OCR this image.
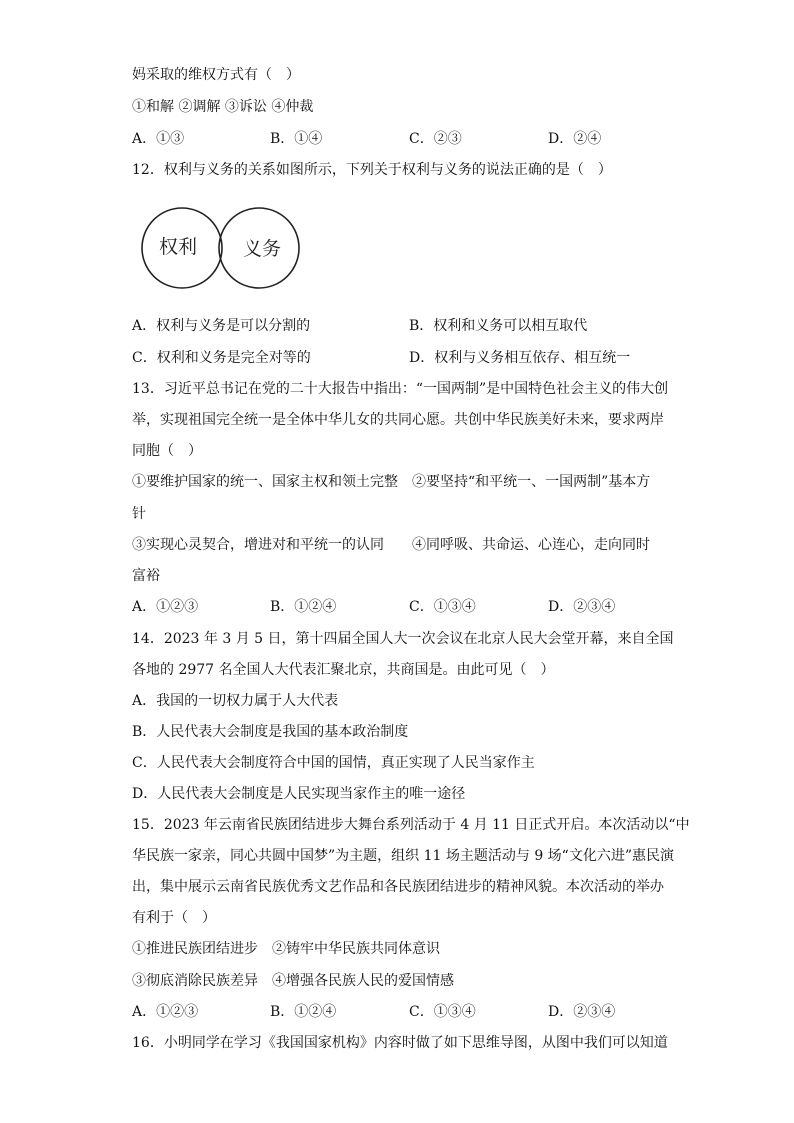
妈采取的维权方式有（　）
①和解 ②调解 ③诉讼 ④仲裁
A．①③	B．①④	C．②③	D．②④
12．权利与义务的关系如图所示，下列关于权利与义务的说法正确的是（　）
权利 义务
A．权利与义务是可以分割的	B．权利和义务可以相互取代
C．权利和义务是完全对等的	D．权利与义务相互依存、相互统一
13．习近平总书记在党的二十大报告中指出：“一国两制”是中国特色社会主义的伟大创
举，实现祖国完全统一是全体中华儿女的共同心愿。共创中华民族美好未来，要求两岸
同胞（　）
①要维护国家的统一、国家主权和领土完整　②要坚持“和平统一、一国两制”基本方
针
③实现心灵契合，增进对和平统一的认同　　④同呼吸、共命运、心连心，走向同时
富裕
A．①②③	B．①②④	C．①③④	D．②③④
14．2023 年 3 月 5 日，第十四届全国人大一次会议在北京人民大会堂开幕，来自全国
各地的 2977 名全国人大代表汇聚北京，共商国是。由此可见（　）
A．我国的一切权力属于人大代表
B．人民代表大会制度是我国的基本政治制度
C．人民代表大会制度符合中国的国情，真正实现了人民当家作主
D．人民代表大会制度是人民实现当家作主的唯一途径
15．2023 年云南省民族团结进步大舞台系列活动于 4 月 11 日正式开启。本次活动以“中
华民族一家亲，同心共圆中国梦”为主题，组织 11 场主题活动与 9 场“文化六进”惠民演
出，集中展示云南省民族优秀文艺作品和各民族团结进步的精神风貌。本次活动的举办
有利于（　）
①推进民族团结进步　②铸牢中华民族共同体意识
③彻底消除民族差异　④增强各民族人民的爱国情感
A．①②③	B．①②④	C．①③④	D．②③④
16．小明同学在学习《我国国家机构》内容时做了如下思维导图，从图中我们可以知道
